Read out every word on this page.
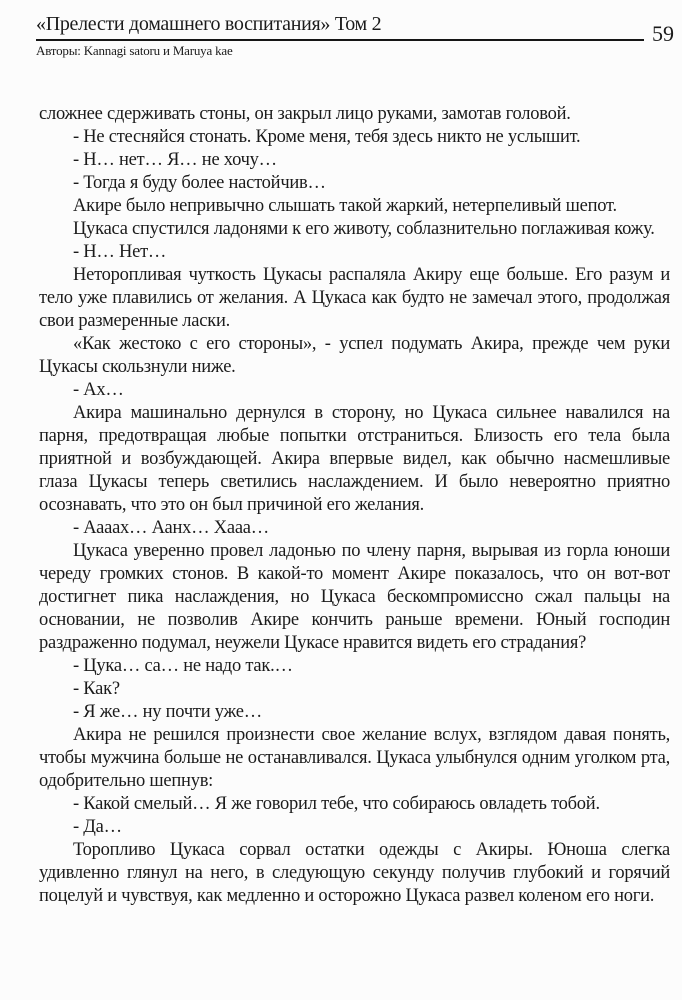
«Прелести домашнего воспитания» Том 2	59
Авторы: Kannagi satoru и Maruya kae

сложнее сдерживать стоны, он закрыл лицо руками, замотав головой.

- Не стесняйся стонать. Кроме меня, тебя здесь никто не услышит.

- Н… нет… Я… не хочу…

- Тогда я буду более настойчив…

Акире было непривычно слышать такой жаркий, нетерпеливый шепот.

Цукаса спустился ладонями к его животу, соблазнительно поглаживая кожу.

- Н… Нет…

Неторопливая чуткость Цукасы распаляла Акиру еще больше. Его разум и тело уже плавились от желания. А Цукаса как будто не замечал этого, продолжая свои размеренные ласки.

«Как жестоко с его стороны», - успел подумать Акира, прежде чем руки Цукасы скользнули ниже.

- Ах…

Акира машинально дернулся в сторону, но Цукаса сильнее навалился на парня, предотвращая любые попытки отстраниться. Близость его тела была приятной и возбуждающей. Акира впервые видел, как обычно насмешливые глаза Цукасы теперь светились наслаждением. И было невероятно приятно осознавать, что это он был причиной его желания.

- Аааах… Аанх… Хааа…

Цукаса уверенно провел ладонью по члену парня, вырывая из горла юноши череду громких стонов. В какой-то момент Акире показалось, что он вот-вот достигнет пика наслаждения, но Цукаса бескомпромиссно сжал пальцы на основании, не позволив Акире кончить раньше времени. Юный господин раздраженно подумал, неужели Цукасе нравится видеть его страдания?

- Цука… са… не надо так.…

- Как?

- Я же… ну почти уже…

Акира не решился произнести свое желание вслух, взглядом давая понять, чтобы мужчина больше не останавливался. Цукаса улыбнулся одним уголком рта, одобрительно шепнув:

- Какой смелый… Я же говорил тебе, что собираюсь овладеть тобой.

- Да…

Торопливо Цукаса сорвал остатки одежды с Акиры. Юноша слегка удивленно глянул на него, в следующую секунду получив глубокий и горячий поцелуй и чувствуя, как медленно и осторожно Цукаса развел коленом его ноги.
